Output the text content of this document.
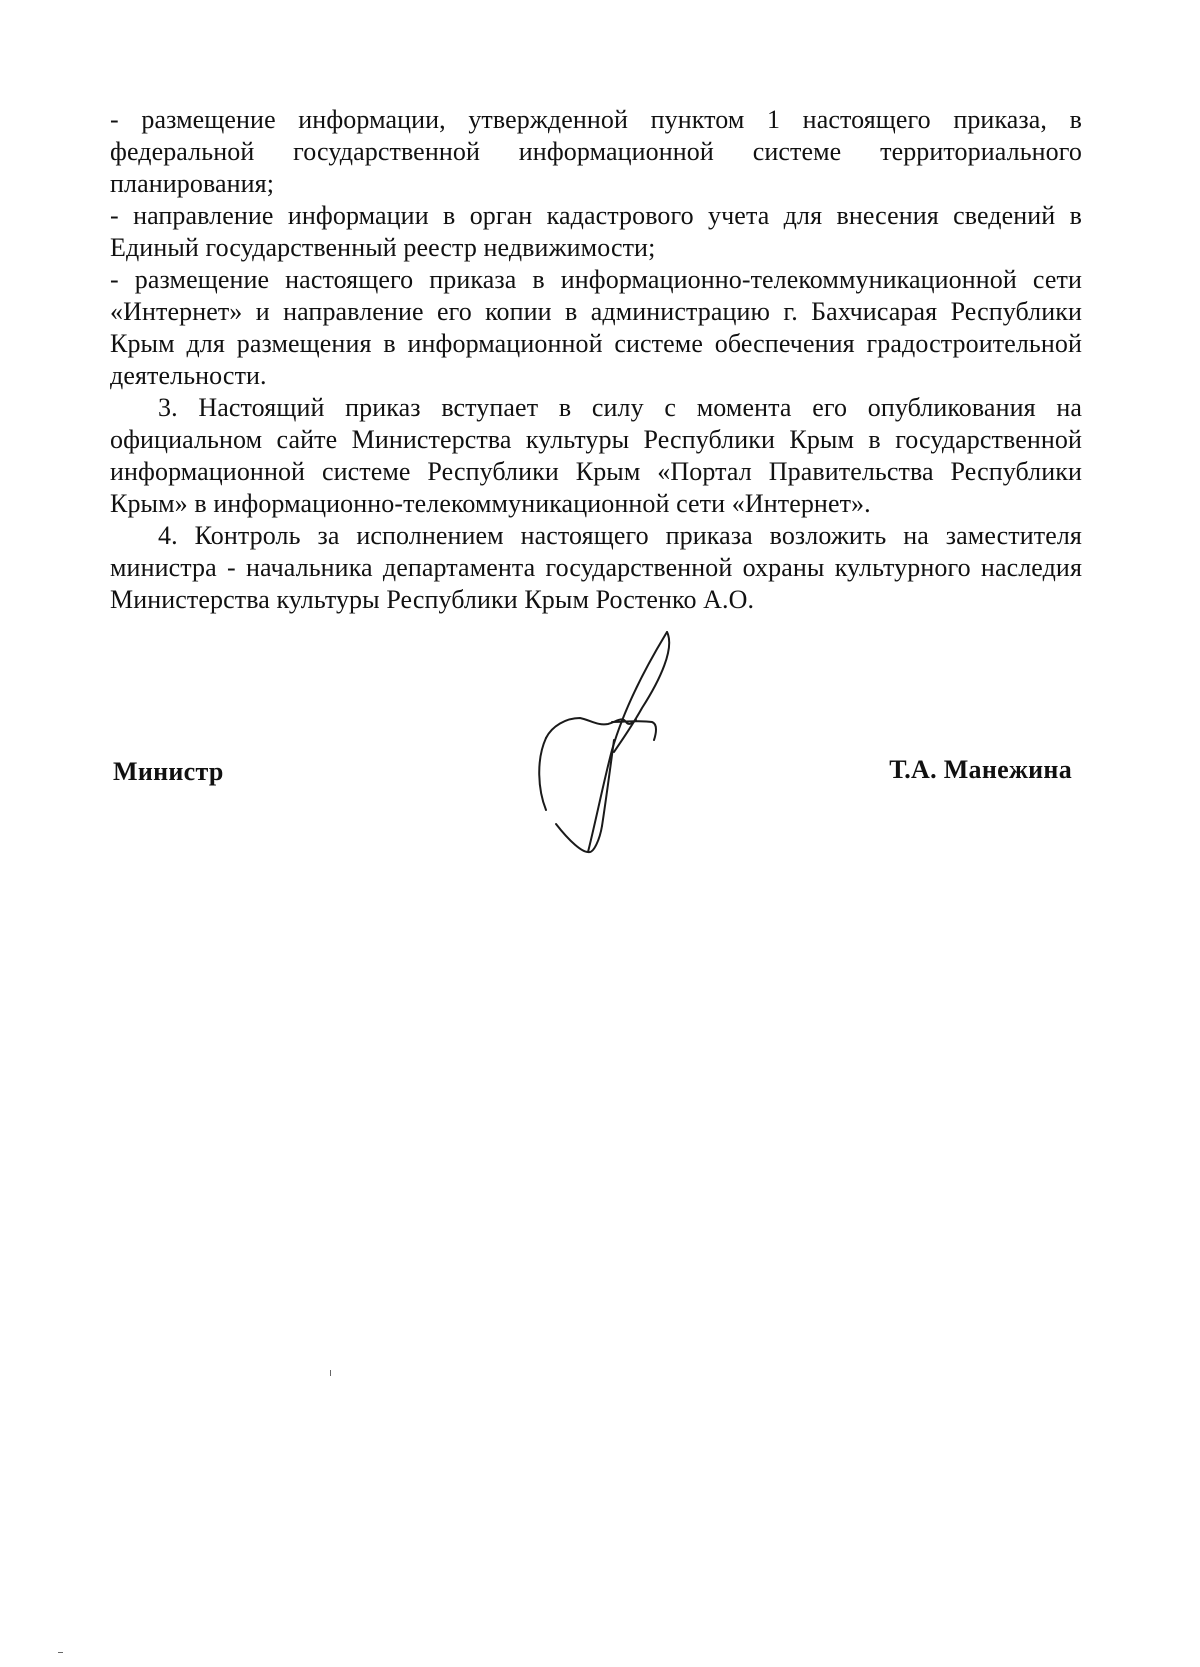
- размещение информации, утвержденной пунктом 1 настоящего приказа, в федеральной государственной информационной системе территориального планирования;

- направление информации в орган кадастрового учета для внесения сведений в Единый государственный реестр недвижимости;

- размещение настоящего приказа в информационно-телекоммуникационной сети «Интернет» и направление его копии в администрацию г. Бахчисарая Республики Крым для размещения в информационной системе обеспечения градостроительной деятельности.

3. Настоящий приказ вступает в силу с момента его опубликования на официальном сайте Министерства культуры Республики Крым в государственной информационной системе Республики Крым «Портал Правительства Республики Крым» в информационно-телекоммуникационной сети «Интернет».

4. Контроль за исполнением настоящего приказа возложить на заместителя министра - начальника департамента государственной охраны культурного наследия Министерства культуры Республики Крым Ростенко А.О.

Министр	Т.А. Манежина
